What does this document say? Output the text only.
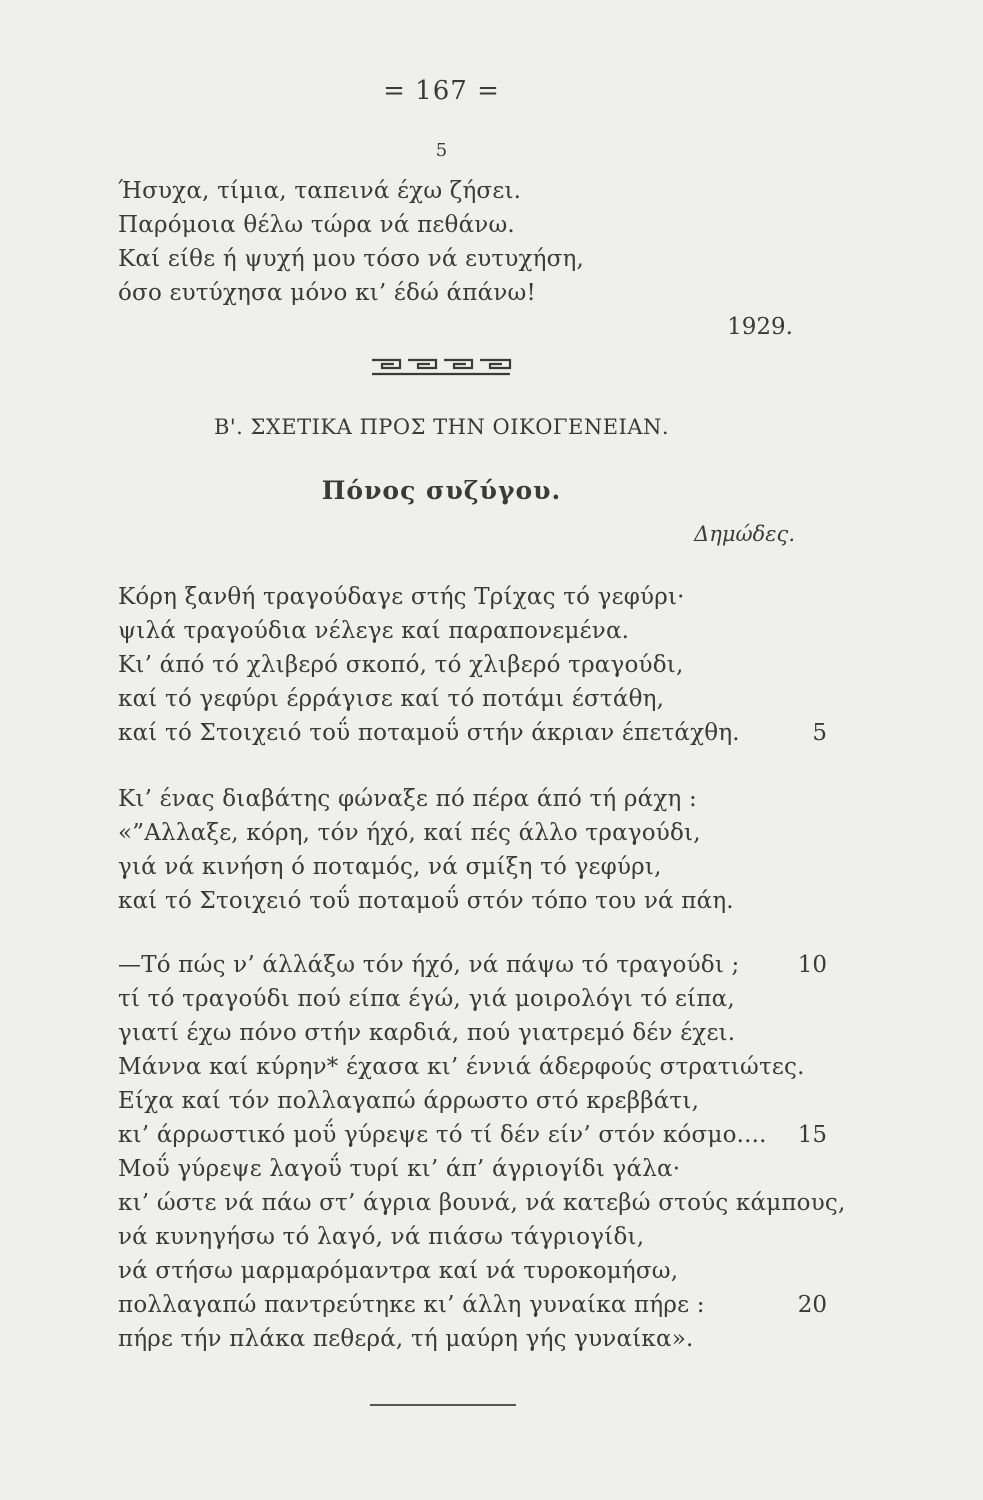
= 167 =
5
Ήσυχα, τίμια, ταπεινά έχω ζήσει.
Παρόμοια θέλω τώρα νά πεθάνω.
Καί είθε ή ψυχή μου τόσο νά ευτυχήση,
όσο ευτύχησα μόνο κι’ έδώ άπάνω!
1929.
Β'. ΣΧΕΤΙΚΑ ΠΡΟΣ ΤΗΝ ΟΙΚΟΓΕΝΕΙΑΝ.
Πόνος συζύγου.
Δημώδες.
Κόρη ξανθή τραγούδαγε στής Τρίχας τό γεφύρι·
ψιλά τραγούδια νέλεγε καί παραπονεμένα.
Κι’ άπό τό χλιβερό σκοπό, τό χλιβερό τραγούδι,
καί τό γεφύρι έρράγισε καί τό ποτάμι έστάθη,
καί τό Στοιχειό τοΰ ποταμοΰ στήν άκριαν έπετάχθη.	5
Κι’ ένας διαβάτης φώναξε πό πέρα άπό τή ράχη :
«”Αλλαξε, κόρη, τόν ήχό, καί πές άλλο τραγούδι,
γιά νά κινήση ό ποταμός, νά σμίξη τό γεφύρι,
καί τό Στοιχειό τοΰ ποταμοΰ στόν τόπο του νά πάη.
—Τό πώς ν’ άλλάξω τόν ήχό, νά πάψω τό τραγούδι ;	10
τί τό τραγούδι πού είπα έγώ, γιά μοιρολόγι τό είπα,
γιατί έχω πόνο στήν καρδιά, πού γιατρεμό δέν έχει.
Μάννα καί κύρην* έχασα κι’ έννιά άδερφούς στρατιώτες.
Είχα καί τόν πολλαγαπώ άρρωστο στό κρεββάτι,
κι’ άρρωστικό μοΰ γύρεψε τό τί δέν είν’ στόν κόσμο.... 15
Μοΰ γύρεψε λαγοΰ τυρί κι’ άπ’ άγριογίδι γάλα·
κι’ ώστε νά πάω στ’ άγρια βουνά, νά κατεβώ στούς κάμπους,
νά κυνηγήσω τό λαγό, νά πιάσω τάγριογίδι,
νά στήσω μαρμαρόμαντρα καί νά τυροκομήσω,
πολλαγαπώ παντρεύτηκε κι’ άλλη γυναίκα πήρε :	20
πήρε τήν πλάκα πεθερά, τή μαύρη γής γυναίκα».
